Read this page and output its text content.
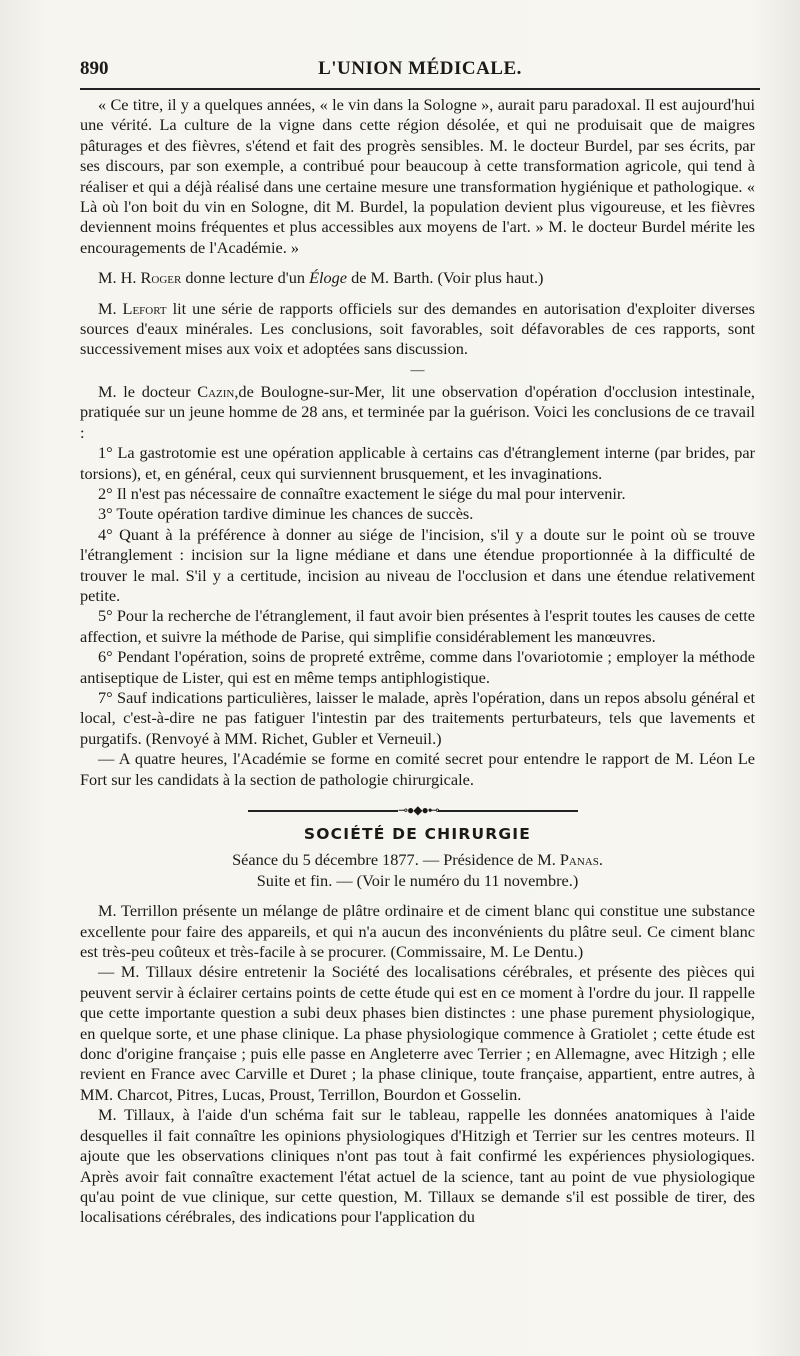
890	L'UNION MÉDICALE.

« Ce titre, il y a quelques années, « le vin dans la Sologne », aurait paru paradoxal. Il est aujourd'hui une vérité. La culture de la vigne dans cette région désolée, et qui ne produisait que de maigres pâturages et des fièvres, s'étend et fait des progrès sensibles. M. le docteur Burdel, par ses écrits, par ses discours, par son exemple, a contribué pour beaucoup à cette transformation agricole, qui tend à réaliser et qui a déjà réalisé dans une certaine mesure une transformation hygiénique et pathologique. « Là où l'on boit du vin en Sologne, dit M. Burdel, la population devient plus vigoureuse, et les fièvres deviennent moins fréquentes et plus accessibles aux moyens de l'art. » M. le docteur Burdel mérite les encouragements de l'Académie. »

M. H. Roger donne lecture d'un Éloge de M. Barth. (Voir plus haut.)

M. Lefort lit une série de rapports officiels sur des demandes en autorisation d'exploiter diverses sources d'eaux minérales. Les conclusions, soit favorables, soit défavorables de ces rapports, sont successivement mises aux voix et adoptées sans discussion.

—

M. le docteur Cazin,de Boulogne-sur-Mer, lit une observation d'opération d'occlusion intestinale, pratiquée sur un jeune homme de 28 ans, et terminée par la guérison. Voici les conclusions de ce travail :

1° La gastrotomie est une opération applicable à certains cas d'étranglement interne (par brides, par torsions), et, en général, ceux qui surviennent brusquement, et les invaginations.

2° Il n'est pas nécessaire de connaître exactement le siége du mal pour intervenir.

3° Toute opération tardive diminue les chances de succès.

4° Quant à la préférence à donner au siége de l'incision, s'il y a doute sur le point où se trouve l'étranglement : incision sur la ligne médiane et dans une étendue proportionnée à la difficulté de trouver le mal. S'il y a certitude, incision au niveau de l'occlusion et dans une étendue relativement petite.

5° Pour la recherche de l'étranglement, il faut avoir bien présentes à l'esprit toutes les causes de cette affection, et suivre la méthode de Parise, qui simplifie considérablement les manœuvres.

6° Pendant l'opération, soins de propreté extrême, comme dans l'ovariotomie ; employer la méthode antiseptique de Lister, qui est en même temps antiphlogistique.

7° Sauf indications particulières, laisser le malade, après l'opération, dans un repos absolu général et local, c'est-à-dire ne pas fatiguer l'intestin par des traitements perturbateurs, tels que lavements et purgatifs. (Renvoyé à MM. Richet, Gubler et Verneuil.)

— A quatre heures, l'Académie se forme en comité secret pour entendre le rapport de M. Léon Le Fort sur les candidats à la section de pathologie chirurgicale.

⊸●◆●⊷

SOCIÉTÉ DE CHIRURGIE

Séance du 5 décembre 1877. — Présidence de M. Panas.

Suite et fin. — (Voir le numéro du 11 novembre.)

M. Terrillon présente un mélange de plâtre ordinaire et de ciment blanc qui constitue une substance excellente pour faire des appareils, et qui n'a aucun des inconvénients du plâtre seul. Ce ciment blanc est très-peu coûteux et très-facile à se procurer. (Commissaire, M. Le Dentu.)

— M. Tillaux désire entretenir la Société des localisations cérébrales, et présente des pièces qui peuvent servir à éclairer certains points de cette étude qui est en ce moment à l'ordre du jour. Il rappelle que cette importante question a subi deux phases bien distinctes : une phase purement physiologique, en quelque sorte, et une phase clinique. La phase physiologique commence à Gratiolet ; cette étude est donc d'origine française ; puis elle passe en Angleterre avec Terrier ; en Allemagne, avec Hitzigh ; elle revient en France avec Carville et Duret ; la phase clinique, toute française, appartient, entre autres, à MM. Charcot, Pitres, Lucas, Proust, Terrillon, Bourdon et Gosselin.

M. Tillaux, à l'aide d'un schéma fait sur le tableau, rappelle les données anatomiques à l'aide desquelles il fait connaître les opinions physiologiques d'Hitzigh et Terrier sur les centres moteurs. Il ajoute que les observations cliniques n'ont pas tout à fait confirmé les expériences physiologiques. Après avoir fait connaître exactement l'état actuel de la science, tant au point de vue physiologique qu'au point de vue clinique, sur cette question, M. Tillaux se demande s'il est possible de tirer, des localisations cérébrales, des indications pour l'application du
